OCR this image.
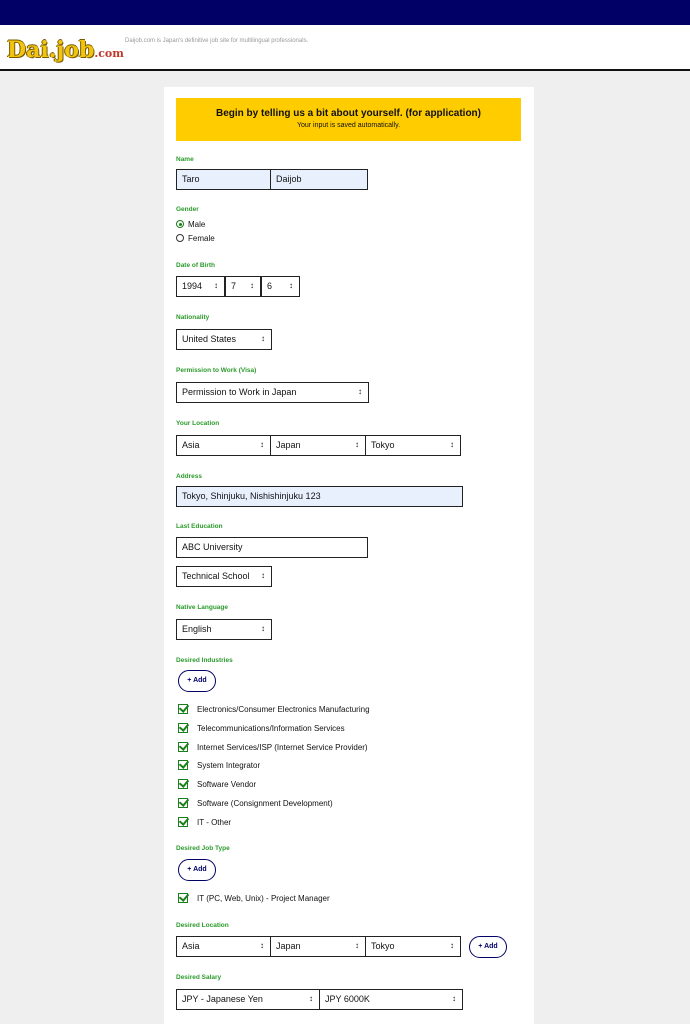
Dai.job.com
Daijob.com is Japan's definitive job site for multilingual professionals.
Begin by telling us a bit about yourself. (for application)
Your input is saved automatically.
Name
Taro	Daijob
Gender
Male
Female
Date of Birth
1994 ↕	7 ↕	6 ↕
Nationality
United States ↕
Permission to Work (Visa)
Permission to Work in Japan ↕
Your Location
Asia ↕	Japan ↕	Tokyo ↕
Address
Tokyo, Shinjuku, Nishishinjuku 123
Last Education
ABC University
Technical School ↕
Native Language
English ↕
Desired Industries
+ Add
Electronics/Consumer Electronics Manufacturing
Telecommunications/Information Services
Internet Services/ISP (Internet Service Provider)
System Integrator
Software Vendor
Software (Consignment Development)
IT - Other
Desired Job Type
+ Add
IT (PC, Web, Unix) - Project Manager
Desired Location
Asia ↕	Japan ↕	Tokyo ↕	+ Add
Desired Salary
JPY - Japanese Yen ↕	JPY 6000K ↕
